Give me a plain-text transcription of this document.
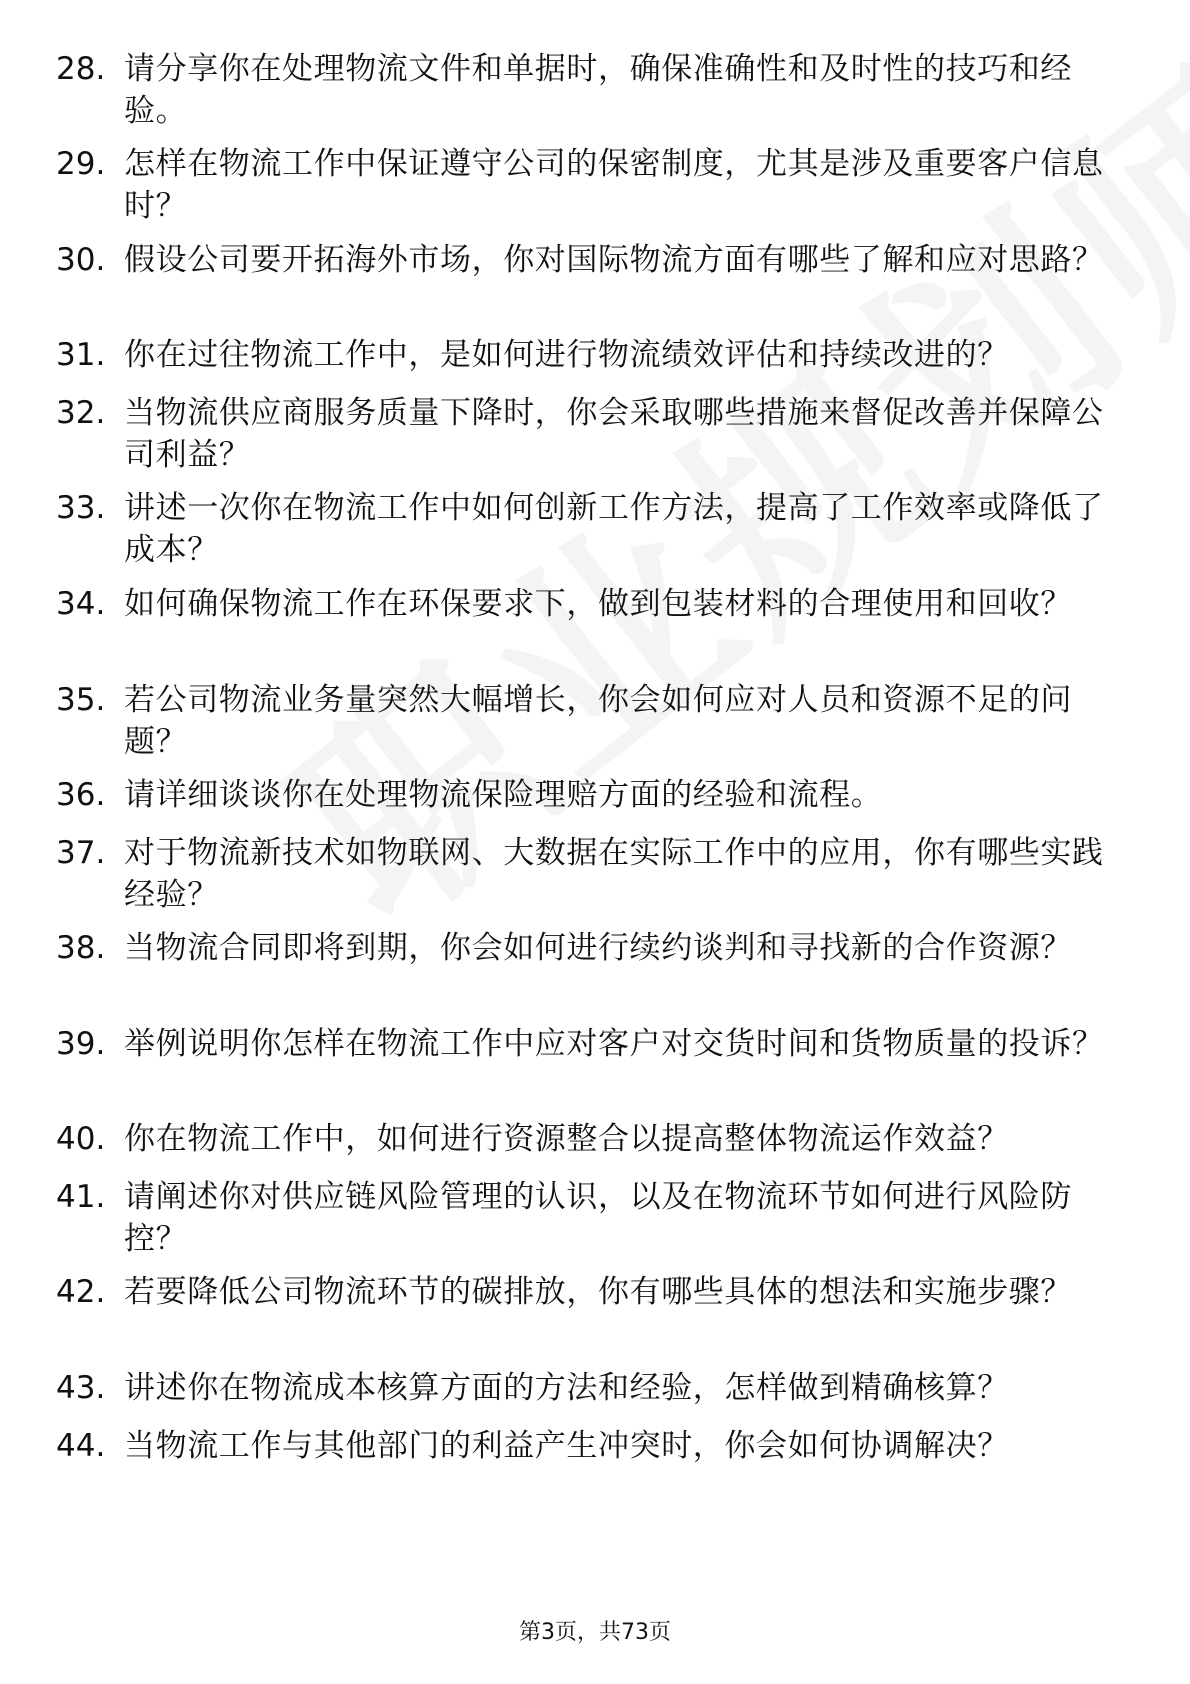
28. 请分享你在处理物流文件和单据时，确保准确性和及时性的技巧和经验。
29. 怎样在物流工作中保证遵守公司的保密制度，尤其是涉及重要客户信息时？
30. 假设公司要开拓海外市场，你对国际物流方面有哪些了解和应对思路？
31. 你在过往物流工作中，是如何进行物流绩效评估和持续改进的？
32. 当物流供应商服务质量下降时，你会采取哪些措施来督促改善并保障公司利益？
33. 讲述一次你在物流工作中如何创新工作方法，提高了工作效率或降低了成本？
34. 如何确保物流工作在环保要求下，做到包装材料的合理使用和回收？
35. 若公司物流业务量突然大幅增长，你会如何应对人员和资源不足的问题？
36. 请详细谈谈你在处理物流保险理赔方面的经验和流程。
37. 对于物流新技术如物联网、大数据在实际工作中的应用，你有哪些实践经验？
38. 当物流合同即将到期，你会如何进行续约谈判和寻找新的合作资源？
39. 举例说明你怎样在物流工作中应对客户对交货时间和货物质量的投诉？
40. 你在物流工作中，如何进行资源整合以提高整体物流运作效益？
41. 请阐述你对供应链风险管理的认识，以及在物流环节如何进行风险防控？
42. 若要降低公司物流环节的碳排放，你有哪些具体的想法和实施步骤？
43. 讲述你在物流成本核算方面的方法和经验，怎样做到精确核算？
44. 当物流工作与其他部门的利益产生冲突时，你会如何协调解决？
第3页，共73页
